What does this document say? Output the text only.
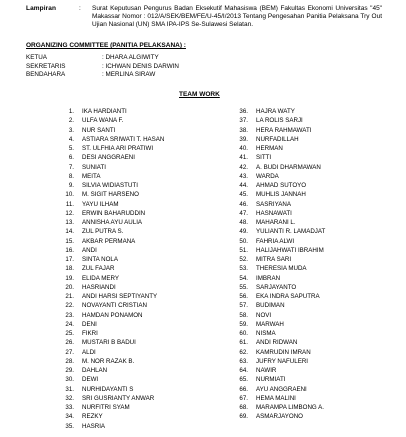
Lampiran	: Surat Keputusan Pengurus Badan Eksekutif Mahasiswa (BEM) Fakultas Ekonomi Universitas "45" Makassar Nomor : 012/A/SEK/BEM/FE/U-45/I/2013 Tentang Pengesahan Panitia Pelaksana Try Out Ujian Nasional (UN) SMA IPA-IPS Se-Sulawesi Selatan.
ORGANIZING COMMITTEE (PANITIA PELAKSANA) :
KETUA	: DHARA ALGIWITY
SEKRETARIS	: ICHWAN DENIS DARWIN
BENDAHARA	: MERLINA SIRAW
TEAM WORK
1. IKA HARDIANTI
2. ULFA WANA F.
3. NUR SANTI
4. ASTIARA SRIWATI T. HASAN
5. ST. ULFHIA ARI PRATIWI
6. DESI ANGGRAENI
7. SUNIATI
8. MEITA
9. SILVIA WIDIASTUTI
10. M. SIGIT HARSENO
11. YAYU ILHAM
12. ERWIN BAHARUDDIN
13. ANNISHA AYU AULIA
14. ZUL PUTRA S.
15. AKBAR PERMANA
16. ANDI
17. SINTA NOLA
18. ZUL FAJAR
19. ELIDA MERY
20. HASRIANDI
21. ANDI HARSI SEPTIYANTY
22. NOVAYANTI CRISTIAN
23. HAMDAN PONAMON
24. DENI
25. FIKRI
26. MUSTARI B BADUI
27. ALDI
28. M. NOR RAZAK B.
29. DAHLAN
30. DEWI
31. NURHIDAYANTI S
32. SRI GUSRIANTY ANWAR
33. NURFITRI SYAM
34. REZKY
35. HASRIA
36. HAJRA WATY
37. LA ROLIS SARJI
38. HERA RAHMAWATI
39. NURFADILLAH
40. HERMAN
41. SITTI
42. A. BUDI DHARMAWAN
43. WARDA
44. AHMAD SUTOYO
45. MUHLIS JANNAH
46. SASRIYANA
47. HASNAWATI
48. MAHARANI L.
49. YULIANTI R. LAMADJAT
50. FAHRIA ALWI
51. HALIJAHWATI IBRAHIM
52. MITRA SARI
53. THERESIA MUDA
54. IMBRAN
55. SARJAYANTO
56. EKA INDRA SAPUTRA
57. BUDIMAN
58. NOVI
59. MARWAH
60. NISMA
61. ANDI RIDWAN
62. KAMRUDIN IMRAN
63. JUFRY NAFULERI
64. NAWIR
65. NURMIATI
66. AYU ANGGRAENI
67. HEMA MALINI
68. MARAMPA LIMBONG A.
69. ASMARJAYONO
